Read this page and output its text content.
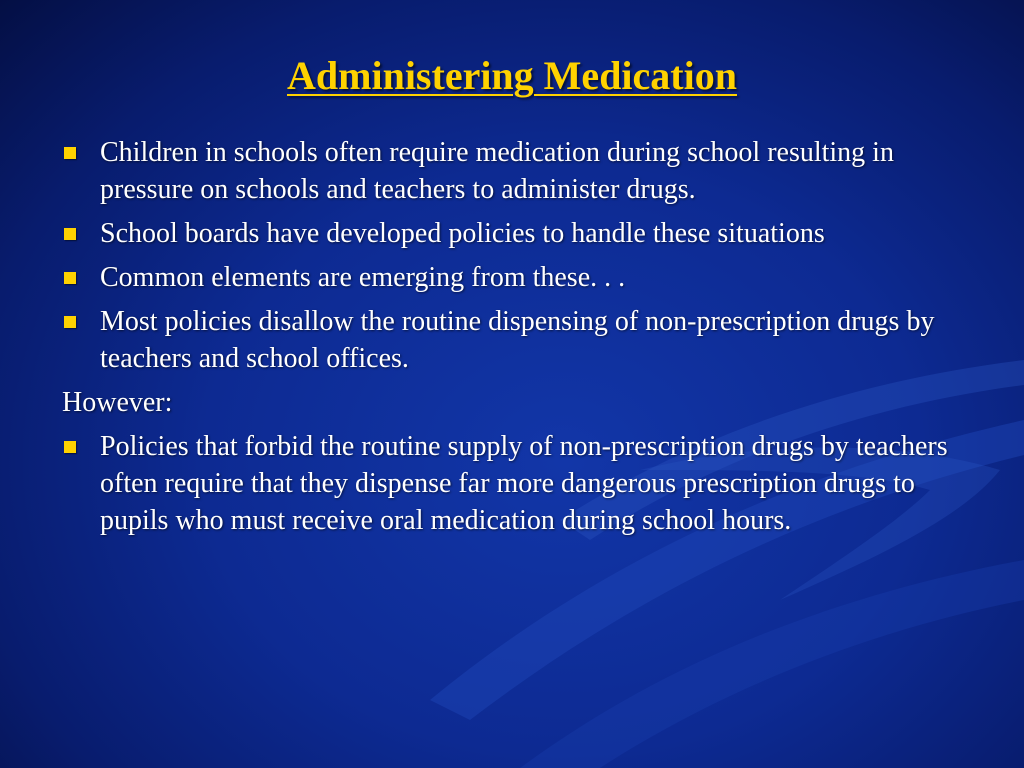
Administering Medication
Children in schools often require medication during school resulting in pressure on schools and teachers to administer drugs.
School boards have developed policies to handle these situations
Common elements are emerging from these. . .
Most policies disallow the routine dispensing of non-prescription drugs by teachers and school offices.
However:
Policies that forbid the routine supply of non-prescription drugs by teachers often require that they dispense far more dangerous prescription drugs to pupils who must receive oral medication during school hours.
